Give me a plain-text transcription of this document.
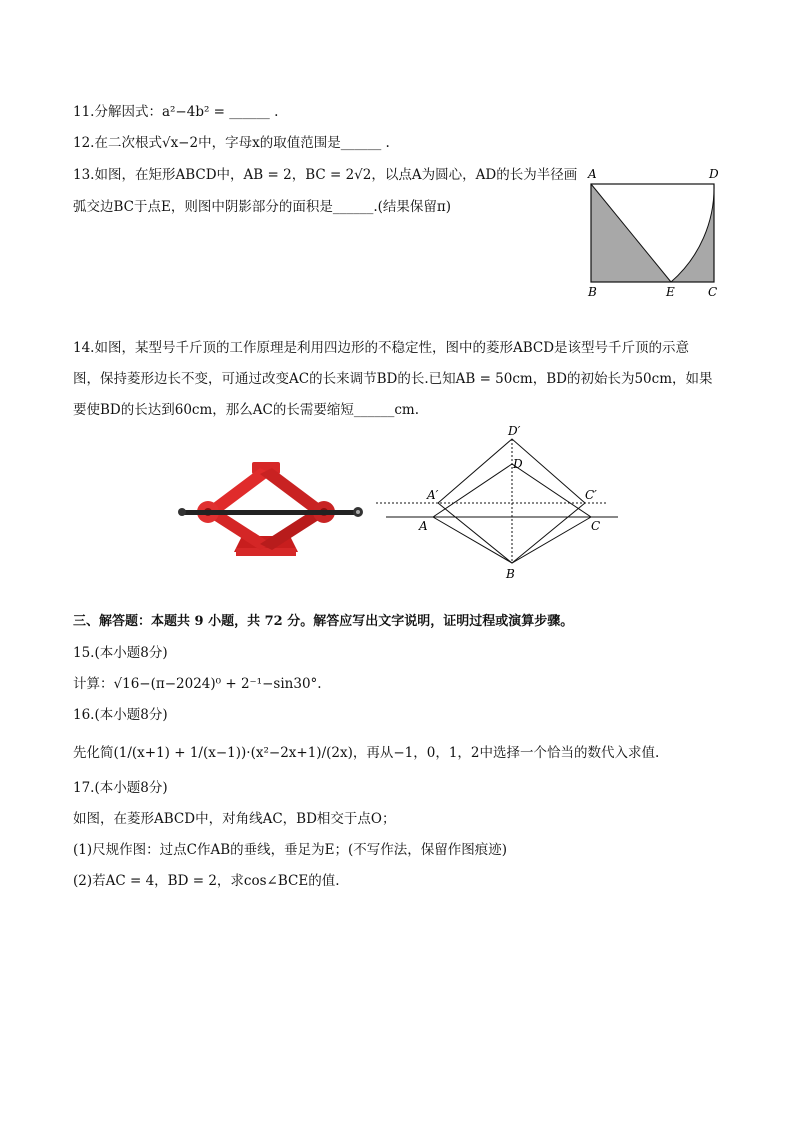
11.分解因式：a²−4b² = ______ .
12.在二次根式√x−2中，字母x的取值范围是______ .
13.如图，在矩形ABCD中，AB = 2，BC = 2√2，以点A为圆心，AD的长为半径画
弧交边BC于点E，则图中阴影部分的面积是______.(结果保留π)
A	D
B	E	C
14.如图，某型号千斤顶的工作原理是利用四边形的不稳定性，图中的菱形ABCD是该型号千斤顶的示意
图，保持菱形边长不变，可通过改变AC的长来调节BD的长.已知AB = 50cm，BD的初始长为50cm，如果
要使BD的长达到60cm，那么AC的长需要缩短______cm.
D′
D
A′	C′
A	C
B
三、解答题：本题共 9 小题，共 72 分。解答应写出文字说明，证明过程或演算步骤。
15.(本小题8分)
计算：√16−(π−2024)⁰ + 2⁻¹−sin30°.
16.(本小题8分)
先化简(1/(x+1) + 1/(x−1))·(x²−2x+1)/(2x)，再从−1，0，1，2中选择一个恰当的数代入求值.
17.(本小题8分)
如图，在菱形ABCD中，对角线AC，BD相交于点O；
(1)尺规作图：过点C作AB的垂线，垂足为E；(不写作法，保留作图痕迹)
(2)若AC = 4，BD = 2，求cos∠BCE的值.
